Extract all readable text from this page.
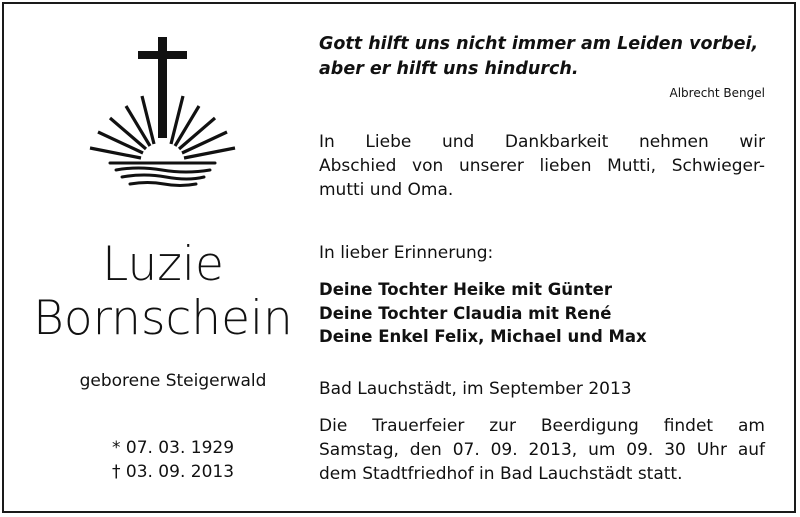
Luzie
Bornschein
geborene Steigerwald
* 07. 03. 1929
† 03. 09. 2013
Gott hilft uns nicht immer am Leiden vorbei,
aber er hilft uns hindurch.
Albrecht Bengel
In Liebe und Dankbarkeit nehmen wir
Abschied von unserer lieben Mutti, Schwieger-
mutti und Oma.
In lieber Erinnerung:
Deine Tochter Heike mit Günter
Deine Tochter Claudia mit René
Deine Enkel Felix, Michael und Max
Bad Lauchstädt, im September 2013
Die Trauerfeier zur Beerdigung findet am
Samstag, den 07. 09. 2013, um 09. 30 Uhr auf
dem Stadtfriedhof in Bad Lauchstädt statt.
